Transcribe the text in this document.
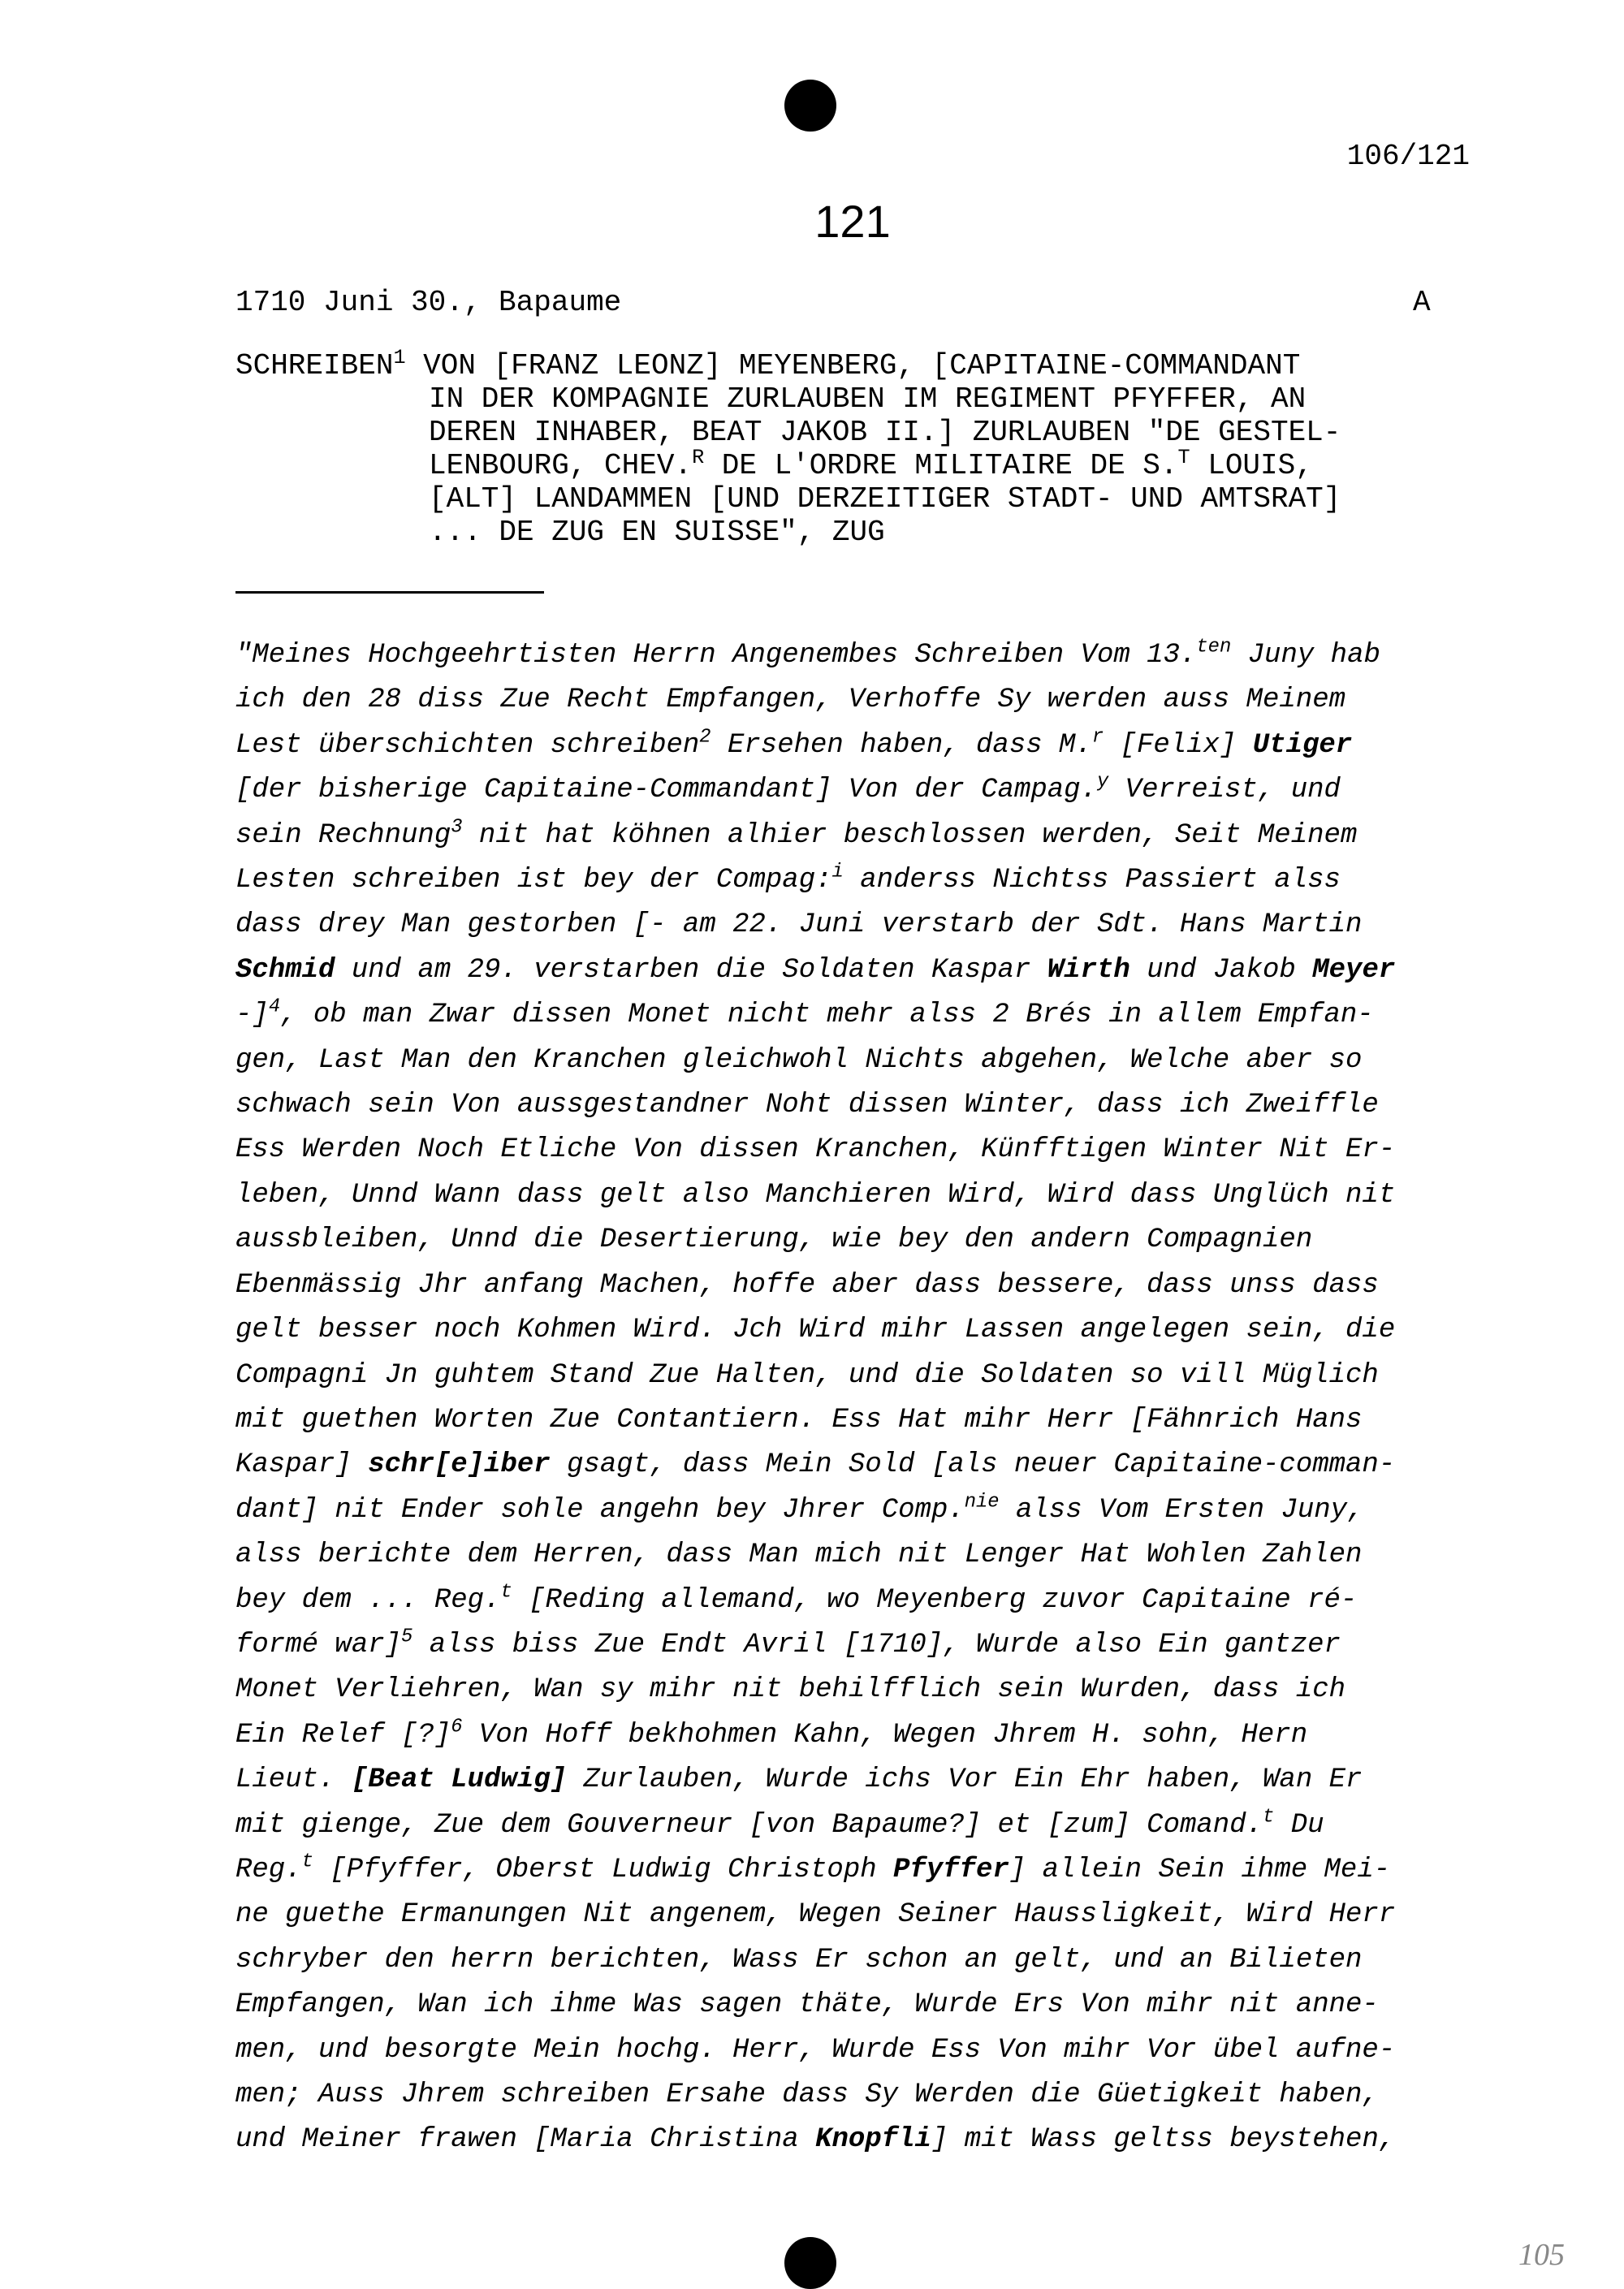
106/121
121
1710 Juni 30., Bapaume	A
SCHREIBEN$^1$ VON [FRANZ LEONZ] MEYENBERG, [CAPITAINE-COMMANDANT
IN DER KOMPAGNIE ZURLAUBEN IM REGIMENT PFYFFER, AN
DEREN INHABER, BEAT JAKOB II.] ZURLAUBEN "DE GESTEL-
LENBOURG, CHEV.$^R$ DE L'ORDRE MILITAIRE DE S.$^T$ LOUIS,
[ALT] LANDAMMEN [UND DERZEITIGER STADT- UND AMTSRAT]
... DE ZUG EN SUISSE", ZUG
"Meines Hochgeehrtisten Herrn Angenembes Schreiben Vom 13.$^{ten}$ Juny hab
ich den 28 diss Zue Recht Empfangen, Verhoffe Sy werden auss Meinem
Lest überschichten schreiben$^2$ Ersehen haben, dass M.$^r$ [Felix] Utiger
[der bisherige Capitaine-Commandant] Von der Campag.$^y$ Verreist, und
sein Rechnung$^3$ nit hat köhnen alhier beschlossen werden, Seit Meinem
Lesten schreiben ist bey der Compag:$^i$ anderss Nichtss Passiert alss
dass drey Man gestorben [- am 22. Juni verstarb der Sdt. Hans Martin
Schmid und am 29. verstarben die Soldaten Kaspar Wirth und Jakob Meyer
-]$^4$, ob man Zwar dissen Monet nicht mehr alss 2 Brés in allem Empfan-
gen, Last Man den Kranchen gleichwohl Nichts abgehen, Welche aber so
schwach sein Von aussgestandner Noht dissen Winter, dass ich Zweiffle
Ess Werden Noch Etliche Von dissen Kranchen, Künfftigen Winter Nit Er-
leben, Unnd Wann dass gelt also Manchieren Wird, Wird dass Unglüch nit
aussbleiben, Unnd die Desertierung, wie bey den andern Compagnien
Ebenmässig Jhr anfang Machen, hoffe aber dass bessere, dass unss dass
gelt besser noch Kohmen Wird. Jch Wird mihr Lassen angelegen sein, die
Compagni Jn guhtem Stand Zue Halten, und die Soldaten so vill Müglich
mit guethen Worten Zue Contantiern. Ess Hat mihr Herr [Fähnrich Hans
Kaspar] schr[e]iber gsagt, dass Mein Sold [als neuer Capitaine-comman-
dant] nit Ender sohle angehn bey Jhrer Comp.$^{nie}$ alss Vom Ersten Juny,
alss berichte dem Herren, dass Man mich nit Lenger Hat Wohlen Zahlen
bey dem ... Reg.$^t$ [Reding allemand, wo Meyenberg zuvor Capitaine ré-
formé war]$^5$ alss biss Zue Endt Avril [1710], Wurde also Ein gantzer
Monet Verliehren, Wan sy mihr nit behilfflich sein Wurden, dass ich
Ein Relef [?]$^6$ Von Hoff bekhohmen Kahn, Wegen Jhrem H. sohn, Hern
Lieut. [Beat Ludwig] Zurlauben, Wurde ichs Vor Ein Ehr haben, Wan Er
mit gienge, Zue dem Gouverneur [von Bapaume?] et [zum] Comand.$^t$ Du
Reg.$^t$ [Pfyffer, Oberst Ludwig Christoph Pfyffer] allein Sein ihme Mei-
ne guethe Ermanungen Nit angenem, Wegen Seiner Haussligkeit, Wird Herr
schryber den herrn berichten, Wass Er schon an gelt, und an Bilieten
Empfangen, Wan ich ihme Was sagen thäte, Wurde Ers Von mihr nit anne-
men, und besorgte Mein hochg. Herr, Wurde Ess Von mihr Vor übel aufne-
men; Auss Jhrem schreiben Ersahe dass Sy Werden die Güetigkeit haben,
und Meiner frawen [Maria Christina Knopfli] mit Wass geltss beystehen,
105
